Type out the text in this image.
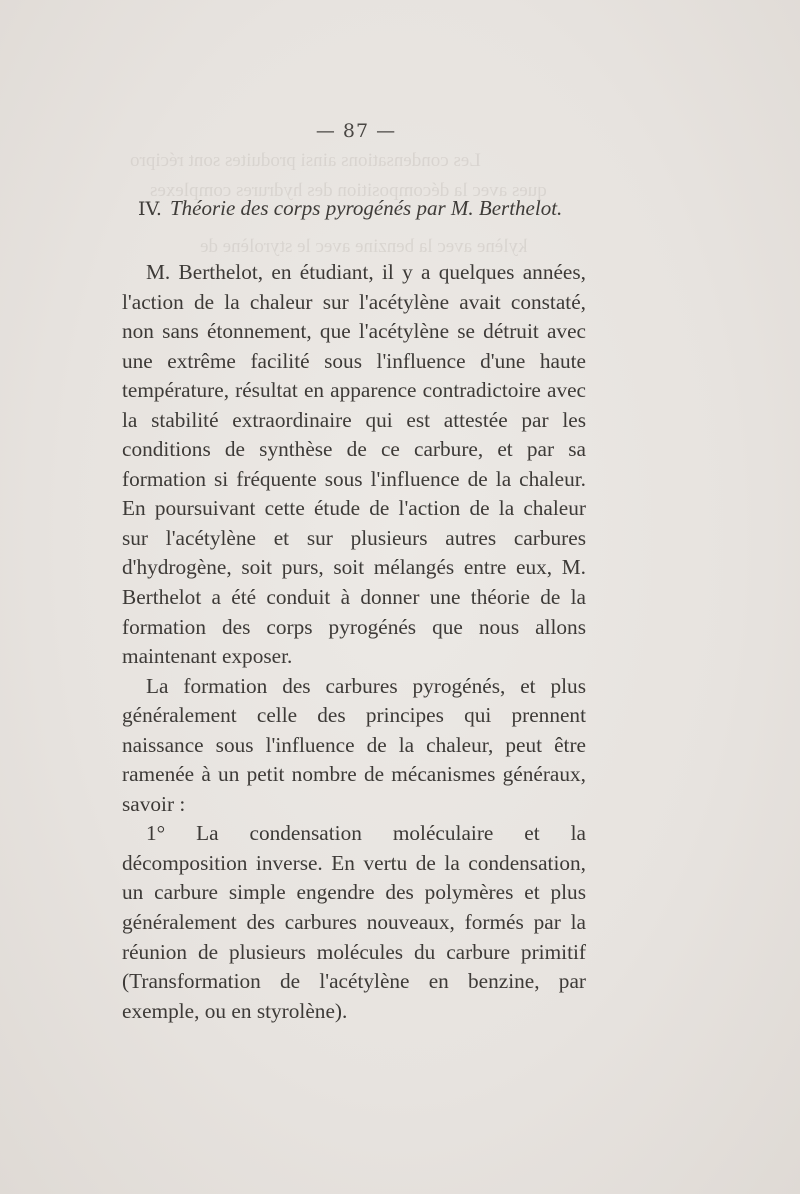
Les condensations ainsi produites sont récipro
ques avec la décomposition des hydrures complexes
kylène avec la benzine avec le styrolène de
— 87 —
IV. Théorie des corps pyrogénés par M. Berthelot.

M. Berthelot, en étudiant, il y a quelques années, l'action de la chaleur sur l'acétylène avait constaté, non sans étonnement, que l'acétylène se détruit avec une extrême facilité sous l'influence d'une haute température, résultat en apparence contradictoire avec la stabilité extraordinaire qui est attestée par les conditions de synthèse de ce carbure, et par sa formation si fréquente sous l'influence de la chaleur. En poursuivant cette étude de l'action de la chaleur sur l'acétylène et sur plusieurs autres carbures d'hydrogène, soit purs, soit mélangés entre eux, M. Berthelot a été conduit à donner une théorie de la formation des corps pyrogénés que nous allons maintenant exposer.

La formation des carbures pyrogénés, et plus généralement celle des principes qui prennent naissance sous l'influence de la chaleur, peut être ramenée à un petit nombre de mécanismes généraux, savoir :

1° La condensation moléculaire et la décomposition inverse. En vertu de la condensation, un carbure simple engendre des polymères et plus généralement des carbures nouveaux, formés par la réunion de plusieurs molécules du carbure primitif (Transformation de l'acétylène en benzine, par exemple, ou en styrolène).
